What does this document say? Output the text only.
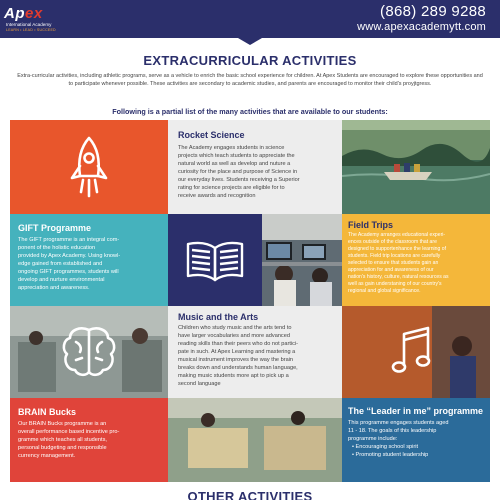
Apex
International Academy
LEARN • LEAD • SUCCEED
(868) 289 9288
www.apexacademytt.com
EXTRACURRICULAR ACTIVITIES
Extra-curricular activities, including athletic programs, serve as a vehicle to enrich the basic school experience for children. At Apex Students are encouraged to explore these opportunities and to participate whenever possible. These activities are secondary to academic studies, and parents are encouraged to monitor their child's proyjtgress.
Following is a partial list of the many activities that are available to our students:
Rocket Science
The Academy engages students in science
projects which teach students to appreciate the
natural world as well as develop and nuture a
curiosity for the place and purpose of Science in
our everyday lives. Students receiving a Superior
rating for science projects are eligible for to
receive awards and recognition
GIFT Programme
The GIFT programme is an integral com-
ponent of the holistic education
provided by Apex Academy. Using knowl-
edge gained from established and
ongoing GIFT programmes, students will
develop and nurture environmental
appreciation and awareness.
Field Trips
The Academy arranges educational experi-
ences outside of the classroom that are
designed to supportenhance the learning of
students. Field trip locations are carefully
selected to ensure that students gain an
appreciation for and awareness of our
nation's history, culture, natural resources as
well as gain understaning of our country's
regional and global significance.
Music and the Arts
Children who study music and the arts tend to
have larger vocabularies and more advanced
reading skills than their peers who do not partici-
pate in such. At Apex Learning and mastering a
musical instrument improves the way the brain
breaks down and understands human language,
making music students more apt to pick up a
second language
BRAIN Bucks
Our BRAIN Bucks programme is an
overall performance based incentive pro-
gramme which teaches all students,
personal budgeting and responsible
currency management.
The “Leader in me” programme
This programme engages students aged
11 - 18. The goals of this leadership
programme include:
• Encouraging school spirit
• Promoting student leadership
OTHER ACTIVITIES
